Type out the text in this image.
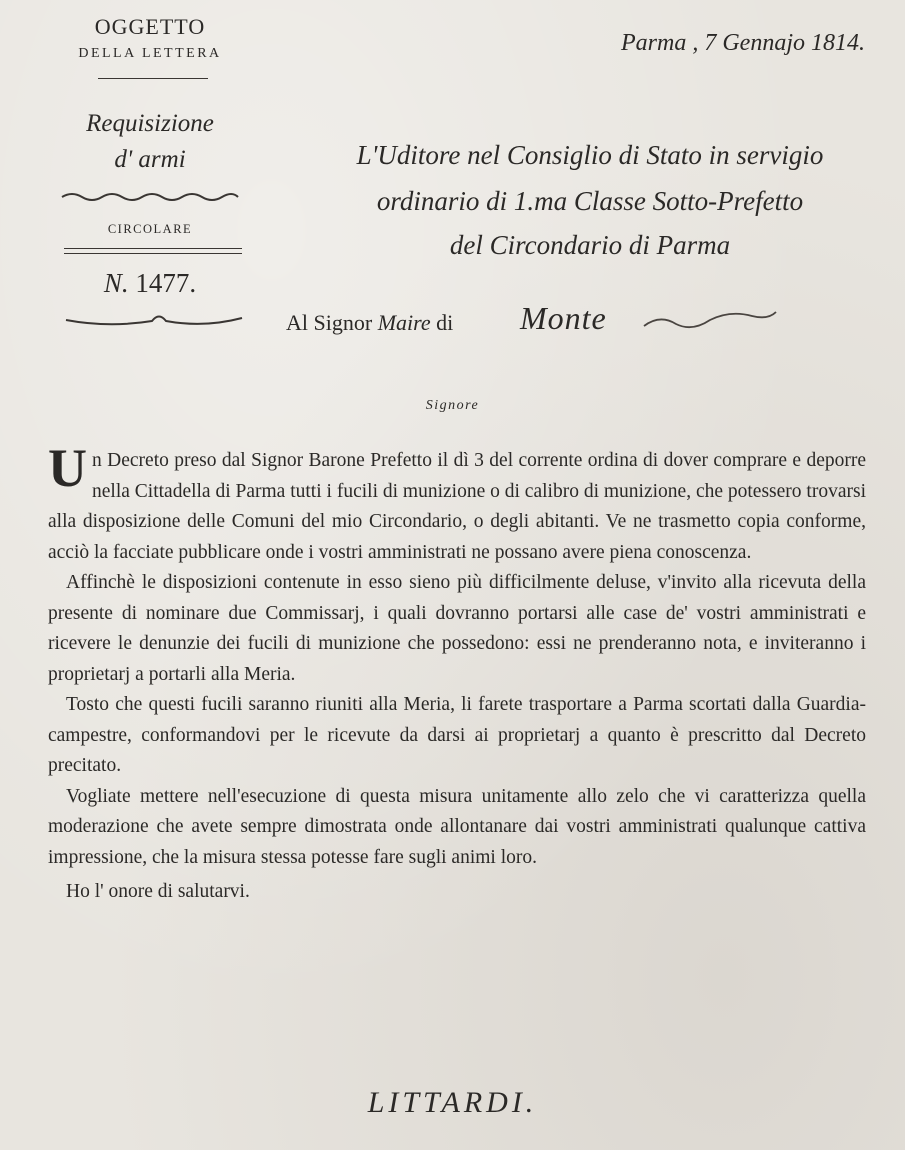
OGGETTO
DELLA LETTERA
Requisizione
d' armi
CIRCOLARE
N. 1477.
Parma , 7 Gennajo 1814.
L'Uditore nel Consiglio di Stato in servigio
ordinario di 1.ma Classe Sotto-Prefetto
del Circondario di Parma
Al Signor Maire di Monte
Signore

Un Decreto preso dal Signor Barone Prefetto il dì 3 del corrente ordina di dover comprare e deporre nella Cittadella di Parma tutti i fucili di munizione o di calibro di munizione, che potessero trovarsi alla disposizione delle Comuni del mio Circondario, o degli abitanti. Ve ne trasmetto copia conforme, acciò la facciate pubblicare onde i vostri amministrati ne possano avere piena conoscenza.

Affinchè le disposizioni contenute in esso sieno più difficilmente deluse, v'invito alla ricevuta della presente di nominare due Commissarj, i quali dovranno portarsi alle case de' vostri amministrati e ricevere le denunzie dei fucili di munizione che possedono: essi ne prenderanno nota, e inviteranno i proprietarj a portarli alla Meria.

Tosto che questi fucili saranno riuniti alla Meria, li farete trasportare a Parma scortati dalla Guardia-campestre, conformandovi per le ricevute da darsi ai proprietarj a quanto è prescritto dal Decreto precitato.

Vogliate mettere nell'esecuzione di questa misura unitamente allo zelo che vi caratterizza quella moderazione che avete sempre dimostrata onde allontanare dai vostri amministrati qualunque cattiva impressione, che la misura stessa potesse fare sugli animi loro.

Ho l' onore di salutarvi.

LITTARDI.
